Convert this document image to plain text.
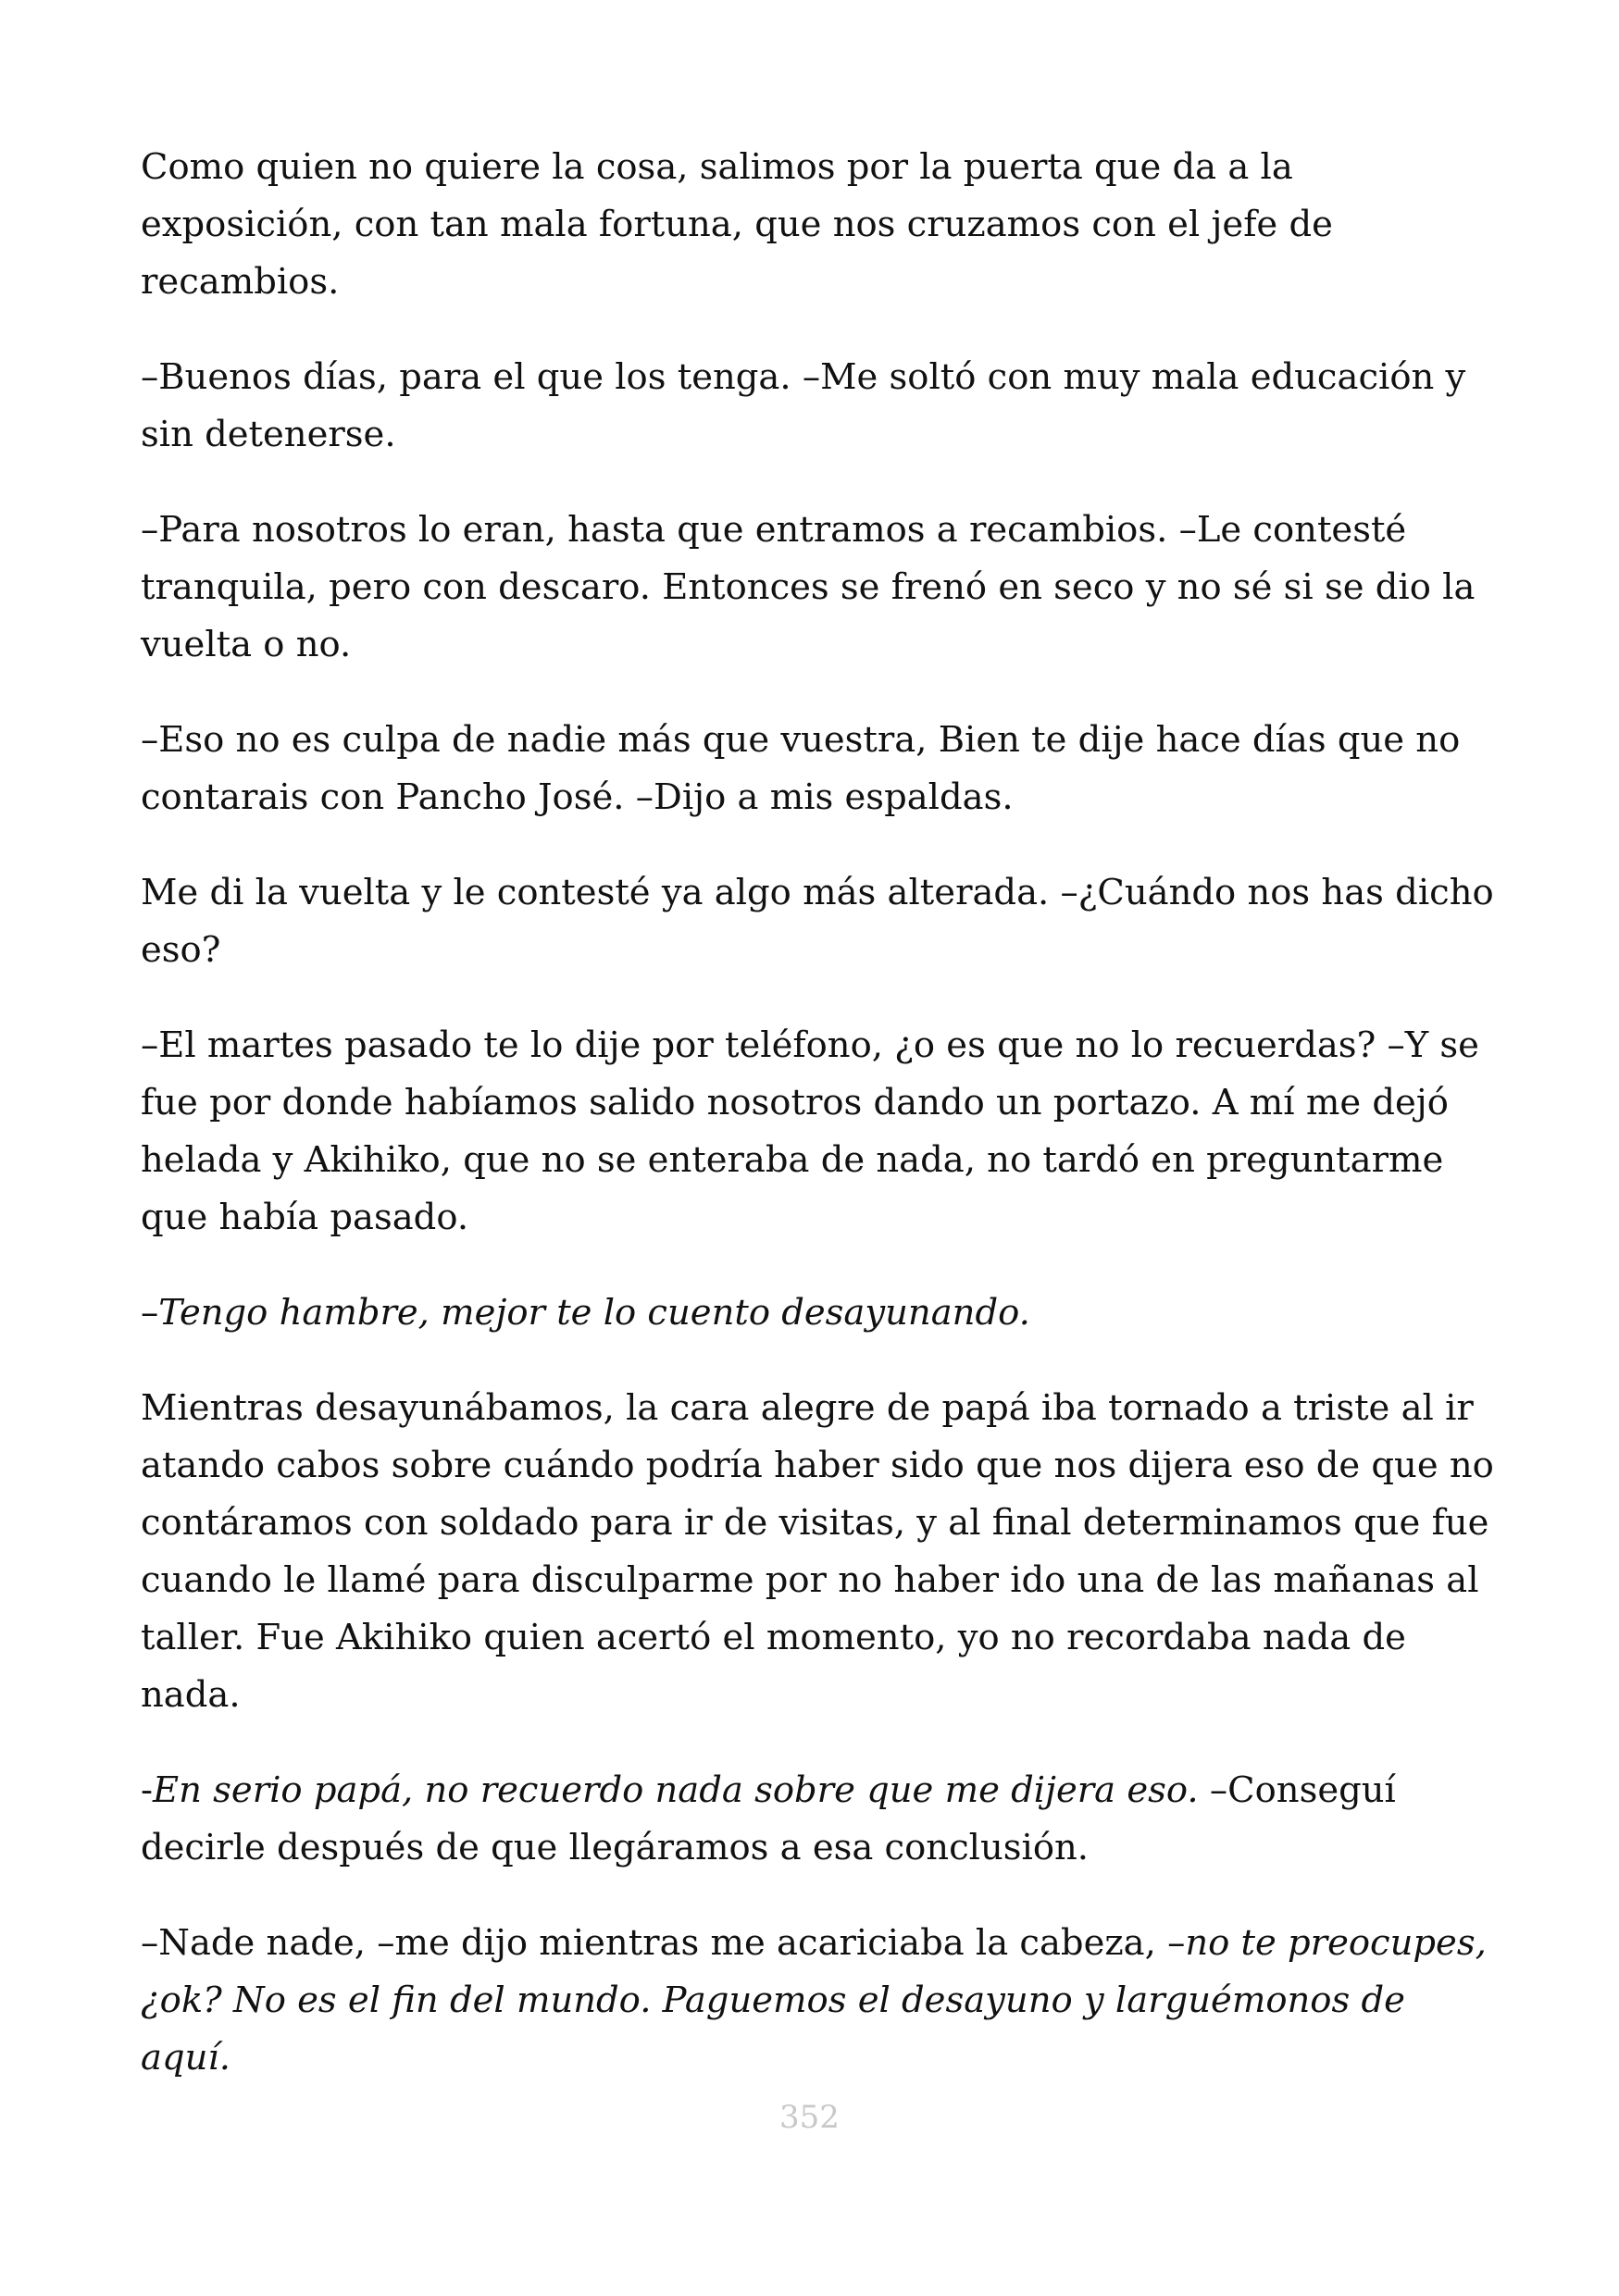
Como quien no quiere la cosa, salimos por la puerta que da a la exposición, con tan mala fortuna, que nos cruzamos con el jefe de recambios.

–Buenos días, para el que los tenga. –Me soltó con muy mala educación y sin detenerse.

–Para nosotros lo eran, hasta que entramos a recambios. –Le contesté tranquila, pero con descaro. Entonces se frenó en seco y no sé si se dio la vuelta o no.

–Eso no es culpa de nadie más que vuestra, Bien te dije hace días que no contarais con Pancho José. –Dijo a mis espaldas.

Me di la vuelta y le contesté ya algo más alterada. –¿Cuándo nos has dicho eso?

–El martes pasado te lo dije por teléfono, ¿o es que no lo recuerdas? –Y se fue por donde habíamos salido nosotros dando un portazo. A mí me dejó helada y Akihiko, que no se enteraba de nada, no tardó en preguntarme que había pasado.

–Tengo hambre, mejor te lo cuento desayunando.

Mientras desayunábamos, la cara alegre de papá iba tornado a triste al ir atando cabos sobre cuándo podría haber sido que nos dijera eso de que no contáramos con soldado para ir de visitas, y al final determinamos que fue cuando le llamé para disculparme por no haber ido una de las mañanas al taller. Fue Akihiko quien acertó el momento, yo no recordaba nada de nada.

-En serio papá, no recuerdo nada sobre que me dijera eso. –Conseguí decirle después de que llegáramos a esa conclusión.

–Nade nade, –me dijo mientras me acariciaba la cabeza, –no te preocupes, ¿ok? No es el fin del mundo. Paguemos el desayuno y larguémonos de aquí.

352
